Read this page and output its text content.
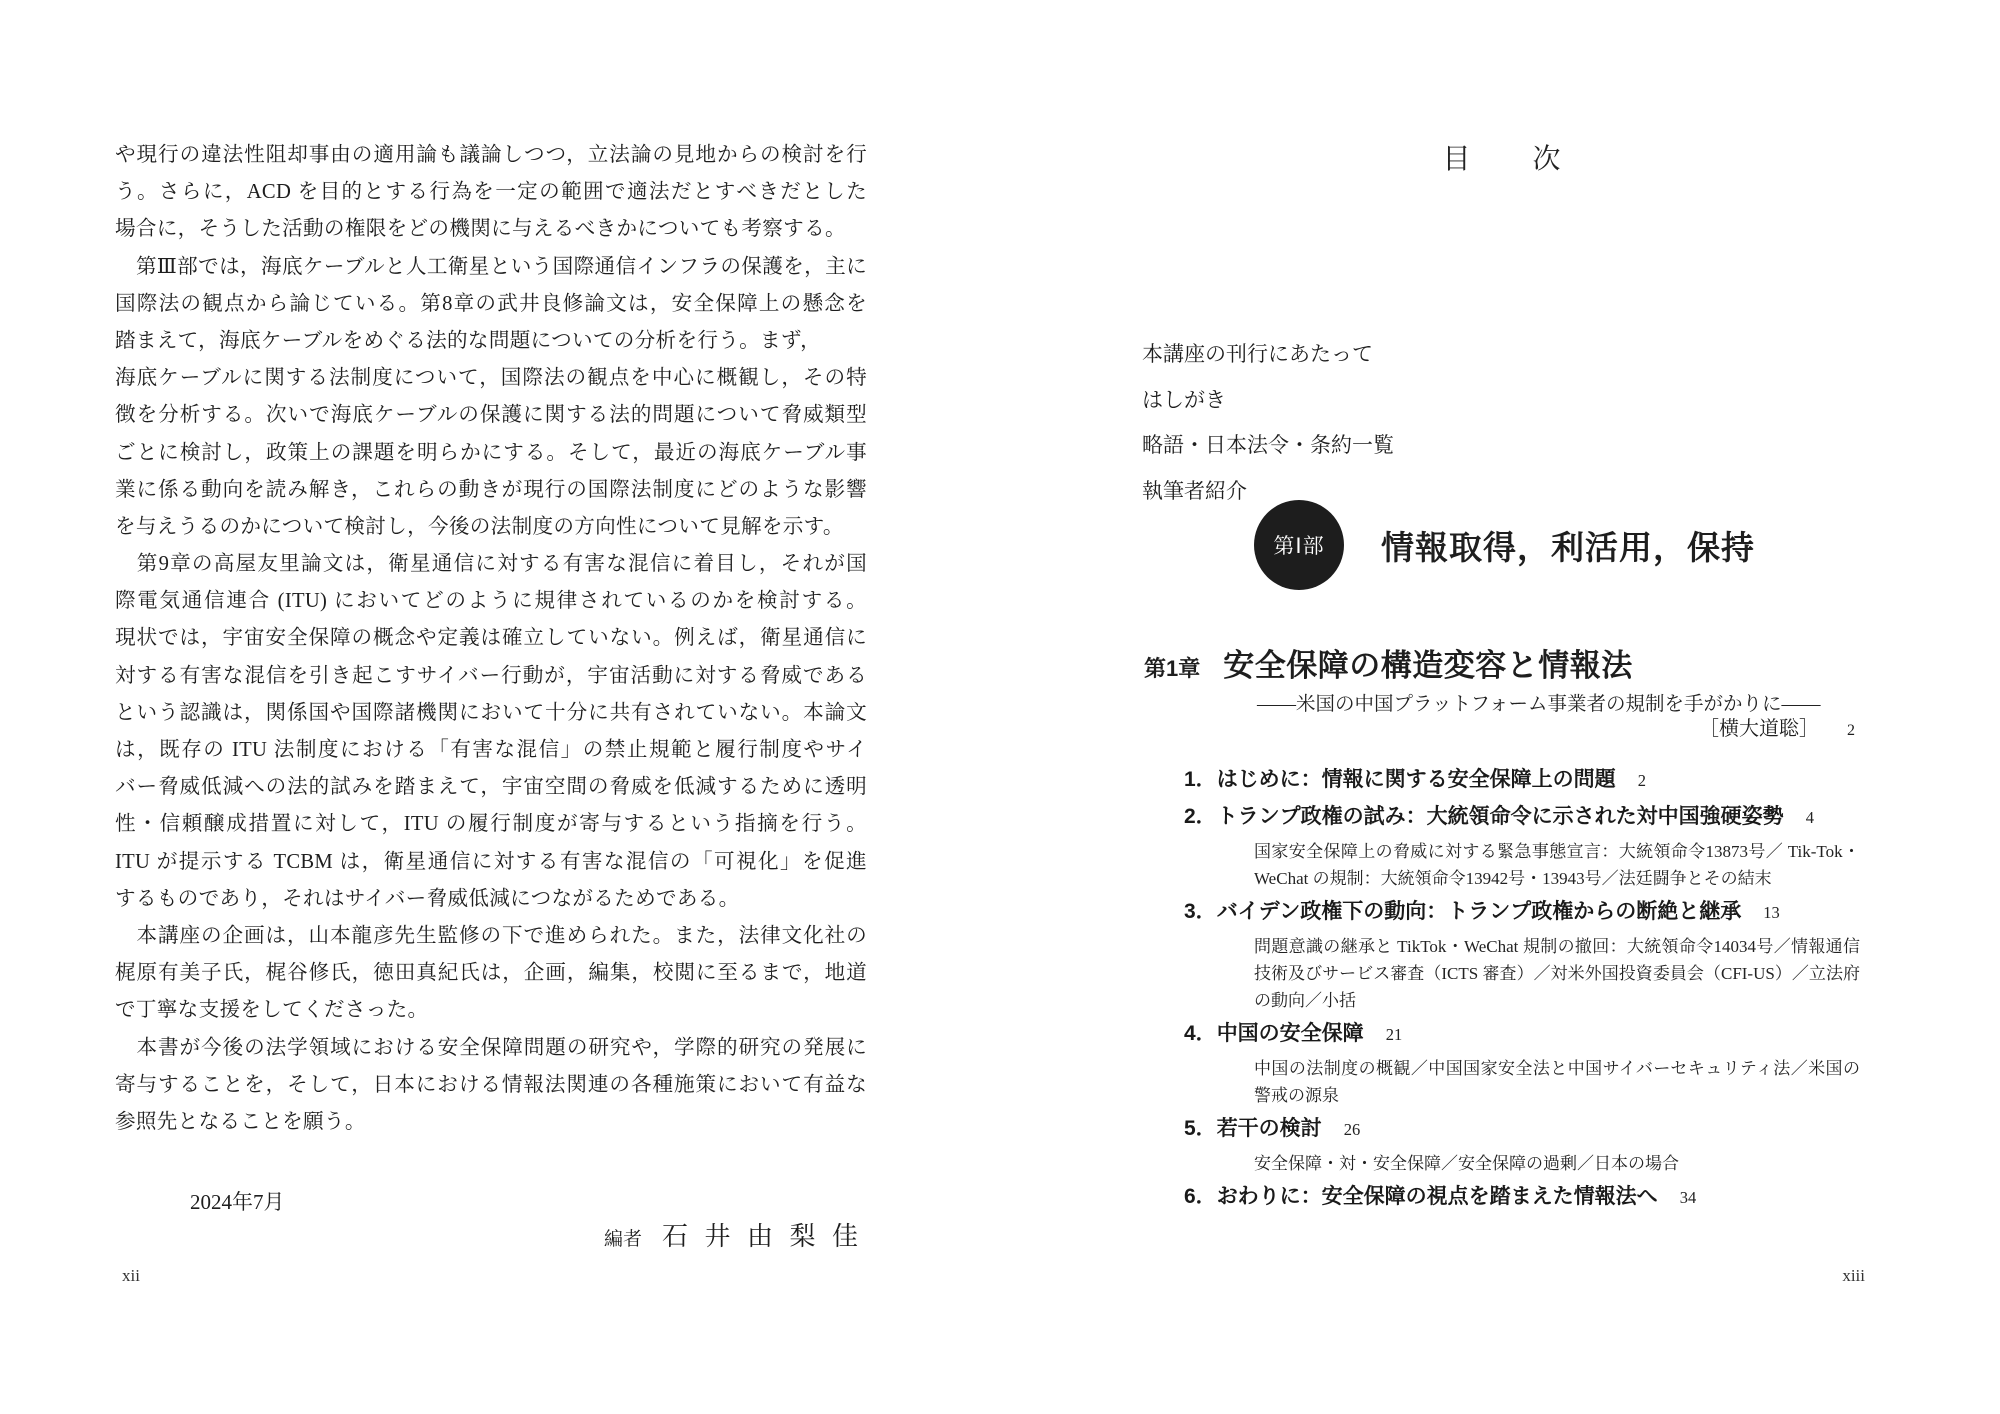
や現行の違法性阻却事由の適用論も議論しつつ，立法論の見地からの検討を行
う。さらに，ACD を目的とする行為を一定の範囲で適法だとすべきだとした
場合に，そうした活動の権限をどの機関に与えるべきかについても考察する。
　第Ⅲ部では，海底ケーブルと人工衛星という国際通信インフラの保護を，主に
国際法の観点から論じている。第8章の武井良修論文は，安全保障上の懸念を
踏まえて，海底ケーブルをめぐる法的な問題についての分析を行う。まず，
海底ケーブルに関する法制度について，国際法の観点を中心に概観し，その特
徴を分析する。次いで海底ケーブルの保護に関する法的問題について脅威類型
ごとに検討し，政策上の課題を明らかにする。そして，最近の海底ケーブル事
業に係る動向を読み解き，これらの動きが現行の国際法制度にどのような影響
を与えうるのかについて検討し，今後の法制度の方向性について見解を示す。
　第9章の高屋友里論文は，衛星通信に対する有害な混信に着目し，それが国
際電気通信連合 (ITU) においてどのように規律されているのかを検討する。
現状では，宇宙安全保障の概念や定義は確立していない。例えば，衛星通信に
対する有害な混信を引き起こすサイバー行動が，宇宙活動に対する脅威である
という認識は，関係国や国際諸機関において十分に共有されていない。本論文
は，既存の ITU 法制度における「有害な混信」の禁止規範と履行制度やサイ
バー脅威低減への法的試みを踏まえて，宇宙空間の脅威を低減するために透明
性・信頼醸成措置に対して，ITU の履行制度が寄与するという指摘を行う。
ITU が提示する TCBM は，衛星通信に対する有害な混信の「可視化」を促進
するものであり，それはサイバー脅威低減につながるためである。
　本講座の企画は，山本龍彦先生監修の下で進められた。また，法律文化社の
梶原有美子氏，梶谷修氏，徳田真紀氏は，企画，編集，校閲に至るまで，地道
で丁寧な支援をしてくださった。
　本書が今後の法学領域における安全保障問題の研究や，学際的研究の発展に
寄与することを，そして，日本における情報法関連の各種施策において有益な
参照先となることを願う。
2024年7月
編者 石 井 由 梨 佳
xii
目　　次
本講座の刊行にあたって
はしがき
略語・日本法令・条約一覧
執筆者紹介
第Ⅰ部	情報取得，利活用，保持
第1章 安全保障の構造変容と情報法
——米国の中国プラットフォーム事業者の規制を手がかりに——
［横大道聡］ 2
1．はじめに：情報に関する安全保障上の問題 2
2．トランプ政権の試み：大統領命令に示された対中国強硬姿勢 4
国家安全保障上の脅威に対する緊急事態宣言：大統領命令13873号／ Tik-Tok・WeChat の規制：大統領命令13942号・13943号／法廷闘争とその結末
3．バイデン政権下の動向：トランプ政権からの断絶と継承 13
問題意識の継承と TikTok・WeChat 規制の撤回：大統領命令14034号／情報通信技術及びサービス審査（ICTS 審査）／対米外国投資委員会（CFI-US）／立法府の動向／小括
4．中国の安全保障 21
中国の法制度の概観／中国国家安全法と中国サイバーセキュリティ法／米国の警戒の源泉
5．若干の検討 26
安全保障・対・安全保障／安全保障の過剰／日本の場合
6．おわりに：安全保障の視点を踏まえた情報法へ 34
xiii
